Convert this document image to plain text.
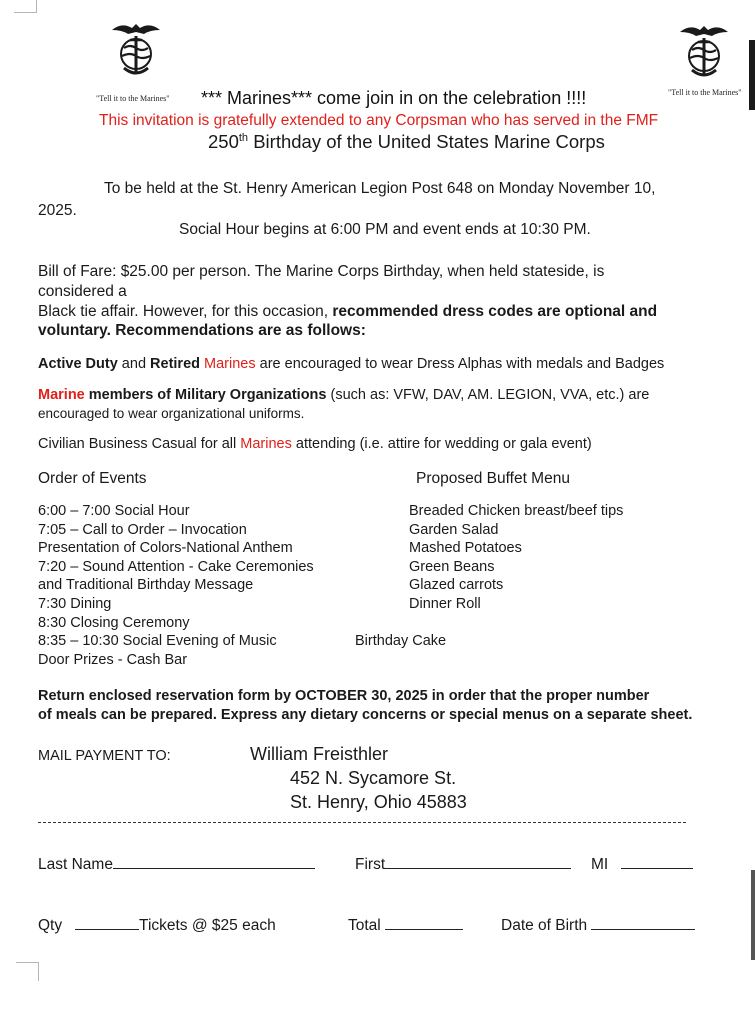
"Tell it to the Marines"
"Tell it to the Marines"
*** Marines*** come join in on the celebration !!!!
This invitation is gratefully extended to any Corpsman who has served in the FMF
250th Birthday of the United States Marine Corps
To be held at the St. Henry American Legion Post 648 on Monday November 10,
2025.
Social Hour begins at 6:00 PM and event ends at 10:30 PM.
Bill of Fare: $25.00 per person. The Marine Corps Birthday, when held stateside, is
considered a
Black tie affair. However, for this occasion, recommended dress codes are optional and
voluntary. Recommendations are as follows:
Active Duty and Retired Marines are encouraged to wear Dress Alphas with medals and Badges
Marine members of Military Organizations (such as: VFW, DAV, AM. LEGION, VVA, etc.) are
encouraged to wear organizational uniforms.
Civilian Business Casual for all Marines attending (i.e. attire for wedding or gala event)
Order of Events
6:00 – 7:00 Social Hour
7:05 – Call to Order – Invocation
Presentation of Colors-National Anthem
7:20 – Sound Attention - Cake Ceremonies
and Traditional Birthday Message
7:30 Dining
8:30 Closing Ceremony
8:35 – 10:30 Social Evening of Music
Door Prizes - Cash Bar
Proposed Buffet Menu
Breaded Chicken breast/beef tips
Garden Salad
Mashed Potatoes
Green Beans
Glazed carrots
Dinner Roll
Birthday Cake
Return enclosed reservation form by OCTOBER 30, 2025 in order that the proper number
of meals can be prepared. Express any dietary concerns or special menus on a separate sheet.
MAIL PAYMENT TO:	William Freisthler
452 N. Sycamore St.
St. Henry, Ohio 45883
Last Name	First	MI
Qty	Tickets @ $25 each	Total	Date of Birth
